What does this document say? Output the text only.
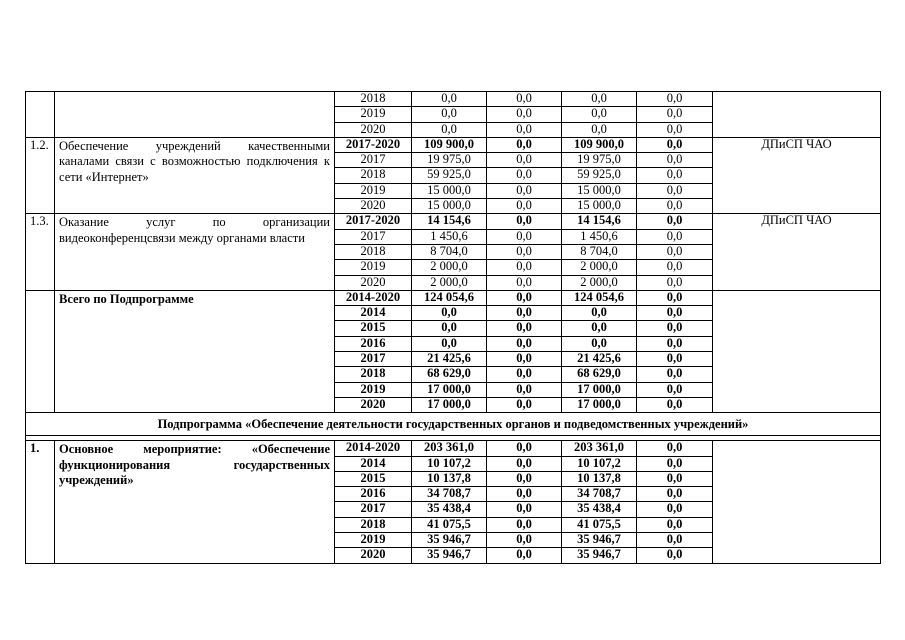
		2018	0,0	0,0	0,0	0,0	
		2019	0,0	0,0	0,0	0,0	
		2020	0,0	0,0	0,0	0,0	
1.2.	Обеспечение учреждений качественными каналами связи с возможностью подключения к сети «Интернет»	2017-2020	109 900,0	0,0	109 900,0	0,0	ДПиСП ЧАО
		2017	19 975,0	0,0	19 975,0	0,0	
		2018	59 925,0	0,0	59 925,0	0,0	
		2019	15 000,0	0,0	15 000,0	0,0	
		2020	15 000,0	0,0	15 000,0	0,0	
1.3.	Оказание услуг по организации видеоконференцсвязи между органами власти	2017-2020	14 154,6	0,0	14 154,6	0,0	ДПиСП ЧАО
		2017	1 450,6	0,0	1 450,6	0,0	
		2018	8 704,0	0,0	8 704,0	0,0	
		2019	2 000,0	0,0	2 000,0	0,0	
		2020	2 000,0	0,0	2 000,0	0,0	
	Всего по Подпрограмме	2014-2020	124 054,6	0,0	124 054,6	0,0	
		2014	0,0	0,0	0,0	0,0	
		2015	0,0	0,0	0,0	0,0	
		2016	0,0	0,0	0,0	0,0	
		2017	21 425,6	0,0	21 425,6	0,0	
		2018	68 629,0	0,0	68 629,0	0,0	
		2019	17 000,0	0,0	17 000,0	0,0	
		2020	17 000,0	0,0	17 000,0	0,0	
Подпрограмма «Обеспечение деятельности государственных органов и подведомственных учреждений»							

1.	Основное мероприятие: «Обеспечение функционирования государственных учреждений»	2014-2020	203 361,0	0,0	203 361,0	0,0	
		2014	10 107,2	0,0	10 107,2	0,0	
		2015	10 137,8	0,0	10 137,8	0,0	
		2016	34 708,7	0,0	34 708,7	0,0	
		2017	35 438,4	0,0	35 438,4	0,0	
		2018	41 075,5	0,0	41 075,5	0,0	
		2019	35 946,7	0,0	35 946,7	0,0	
		2020	35 946,7	0,0	35 946,7	0,0	
